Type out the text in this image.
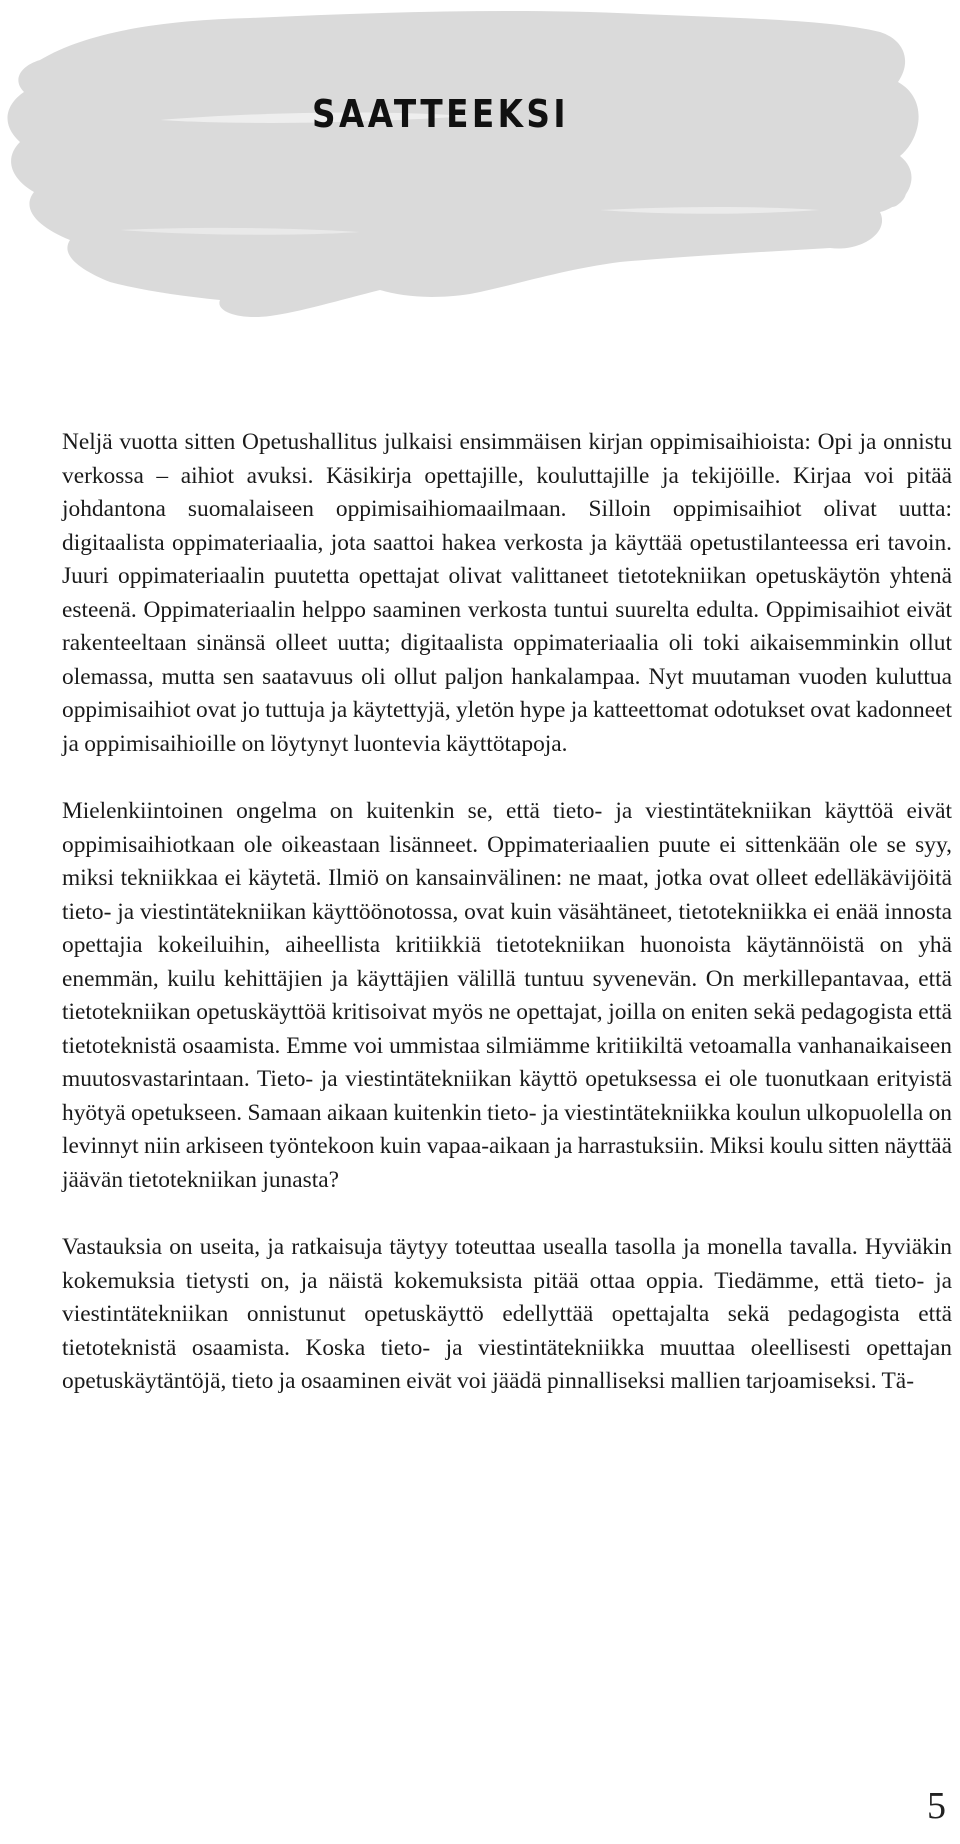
SAATTEEKSI

Neljä vuotta sitten Opetushallitus julkaisi ensimmäisen kirjan oppimisaihioista: Opi ja onnistu verkossa – aihiot avuksi. Käsikirja opettajille, kouluttajille ja tekijöille. Kirjaa voi pitää johdantona suomalaiseen oppimisaihiomaailmaan. Silloin oppimisaihiot olivat uutta: digitaalista oppimateriaalia, jota saattoi hakea verkosta ja käyttää opetustilanteessa eri tavoin. Juuri oppimateriaalin puutetta opettajat olivat valittaneet tietotekniikan opetuskäytön yhtenä esteenä. Oppimateriaalin helppo saaminen verkosta tuntui suurelta edulta. Oppimisaihiot eivät rakenteeltaan sinänsä olleet uutta; digitaalista oppimateriaalia oli toki aikaisemminkin ollut olemassa, mutta sen saatavuus oli ollut paljon hankalampaa. Nyt muutaman vuoden kuluttua oppimisaihiot ovat jo tuttuja ja käytettyjä, yletön hype ja katteettomat odotukset ovat kadonneet ja oppimisaihioille on löytynyt luontevia käyttötapoja.

Mielenkiintoinen ongelma on kuitenkin se, että tieto- ja viestintätekniikan käyttöä eivät oppimisaihiotkaan ole oikeastaan lisänneet. Oppimateriaalien puute ei sittenkään ole se syy, miksi tekniikkaa ei käytetä. Ilmiö on kansainvälinen: ne maat, jotka ovat olleet edelläkävijöitä tieto- ja viestintätekniikan käyttöönotossa, ovat kuin väsähtäneet, tietotekniikka ei enää innosta opettajia kokeiluihin, aiheellista kritiikkiä tietotekniikan huonoista käytännöistä on yhä enemmän, kuilu kehittäjien ja käyttäjien välillä tuntuu syvenevän. On merkillepantavaa, että tietotekniikan opetuskäyttöä kritisoivat myös ne opettajat, joilla on eniten sekä pedagogista että tietoteknistä osaamista. Emme voi ummistaa silmiämme kritiikiltä vetoamalla vanhanaikaiseen muutosvastarintaan. Tieto- ja viestintätekniikan käyttö opetuksessa ei ole tuonutkaan erityistä hyötyä opetukseen. Samaan aikaan kuitenkin tieto- ja viestintätekniikka koulun ulkopuolella on levinnyt niin arkiseen työntekoon kuin vapaa-aikaan ja harrastuksiin. Miksi koulu sitten näyttää jäävän tietotekniikan junasta?

Vastauksia on useita, ja ratkaisuja täytyy toteuttaa usealla tasolla ja monella tavalla. Hyviäkin kokemuksia tietysti on, ja näistä kokemuksista pitää ottaa oppia. Tiedämme, että tieto- ja viestintätekniikan onnistunut opetuskäyttö edellyttää opettajalta sekä pedagogista että tietoteknistä osaamista. Koska tieto- ja viestintätekniikka muuttaa oleellisesti opettajan opetuskäytäntöjä, tieto ja osaaminen eivät voi jäädä pinnalliseksi mallien tarjoamiseksi. Tä-

5
